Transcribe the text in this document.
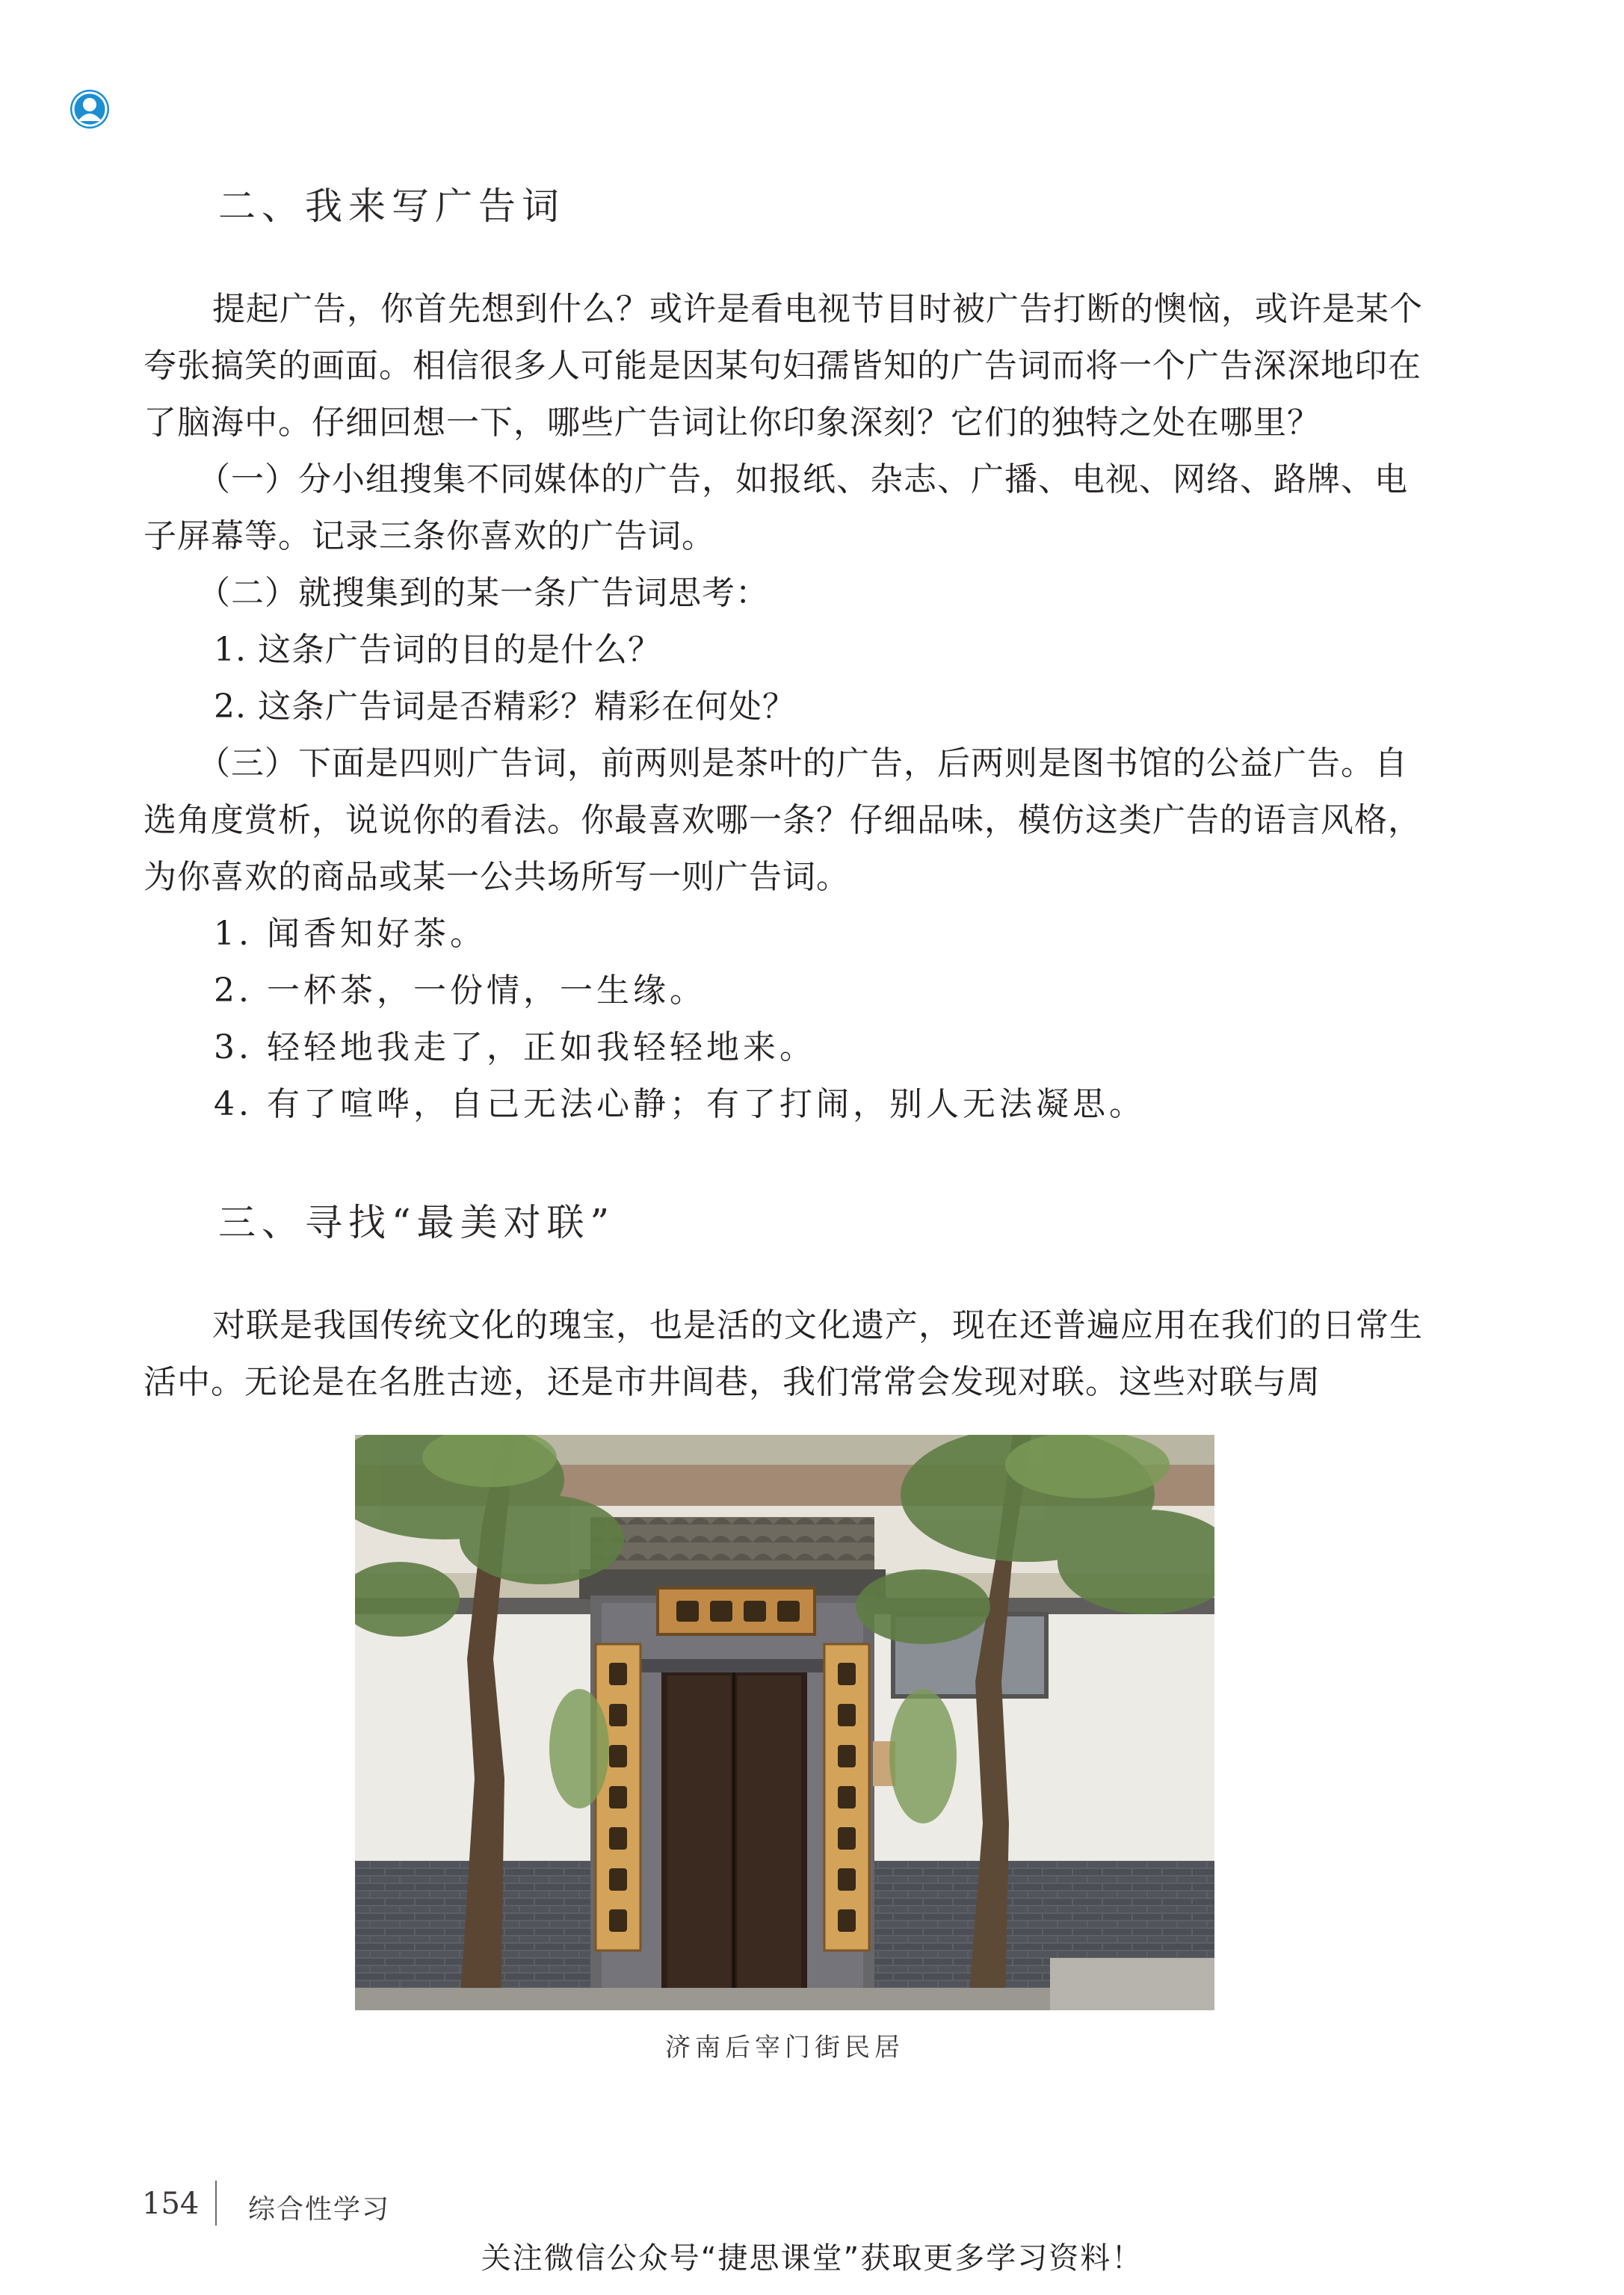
二、我来写广告词

提起广告，你首先想到什么？或许是看电视节目时被广告打断的懊恼，或许是某个夸张搞笑的画面。相信很多人可能是因某句妇孺皆知的广告词而将一个广告深深地印在了脑海中。仔细回想一下，哪些广告词让你印象深刻？它们的独特之处在哪里？

（一）分小组搜集不同媒体的广告，如报纸、杂志、广播、电视、网络、路牌、电子屏幕等。记录三条你喜欢的广告词。

（二）就搜集到的某一条广告词思考：

1. 这条广告词的目的是什么？

2. 这条广告词是否精彩？精彩在何处？

（三）下面是四则广告词，前两则是茶叶的广告，后两则是图书馆的公益广告。自选角度赏析，说说你的看法。你最喜欢哪一条？仔细品味，模仿这类广告的语言风格，为你喜欢的商品或某一公共场所写一则广告词。

1. 闻香知好茶。

2. 一杯茶，一份情，一生缘。

3. 轻轻地我走了，正如我轻轻地来。

4. 有了喧哗，自己无法心静；有了打闹，别人无法凝思。

三、寻找“最美对联”

对联是我国传统文化的瑰宝，也是活的文化遗产，现在还普遍应用在我们的日常生活中。无论是在名胜古迹，还是市井闾巷，我们常常会发现对联。这些对联与周

济南后宰门街民居
154 综合性学习
关注微信公众号“捷思课堂”获取更多学习资料！
